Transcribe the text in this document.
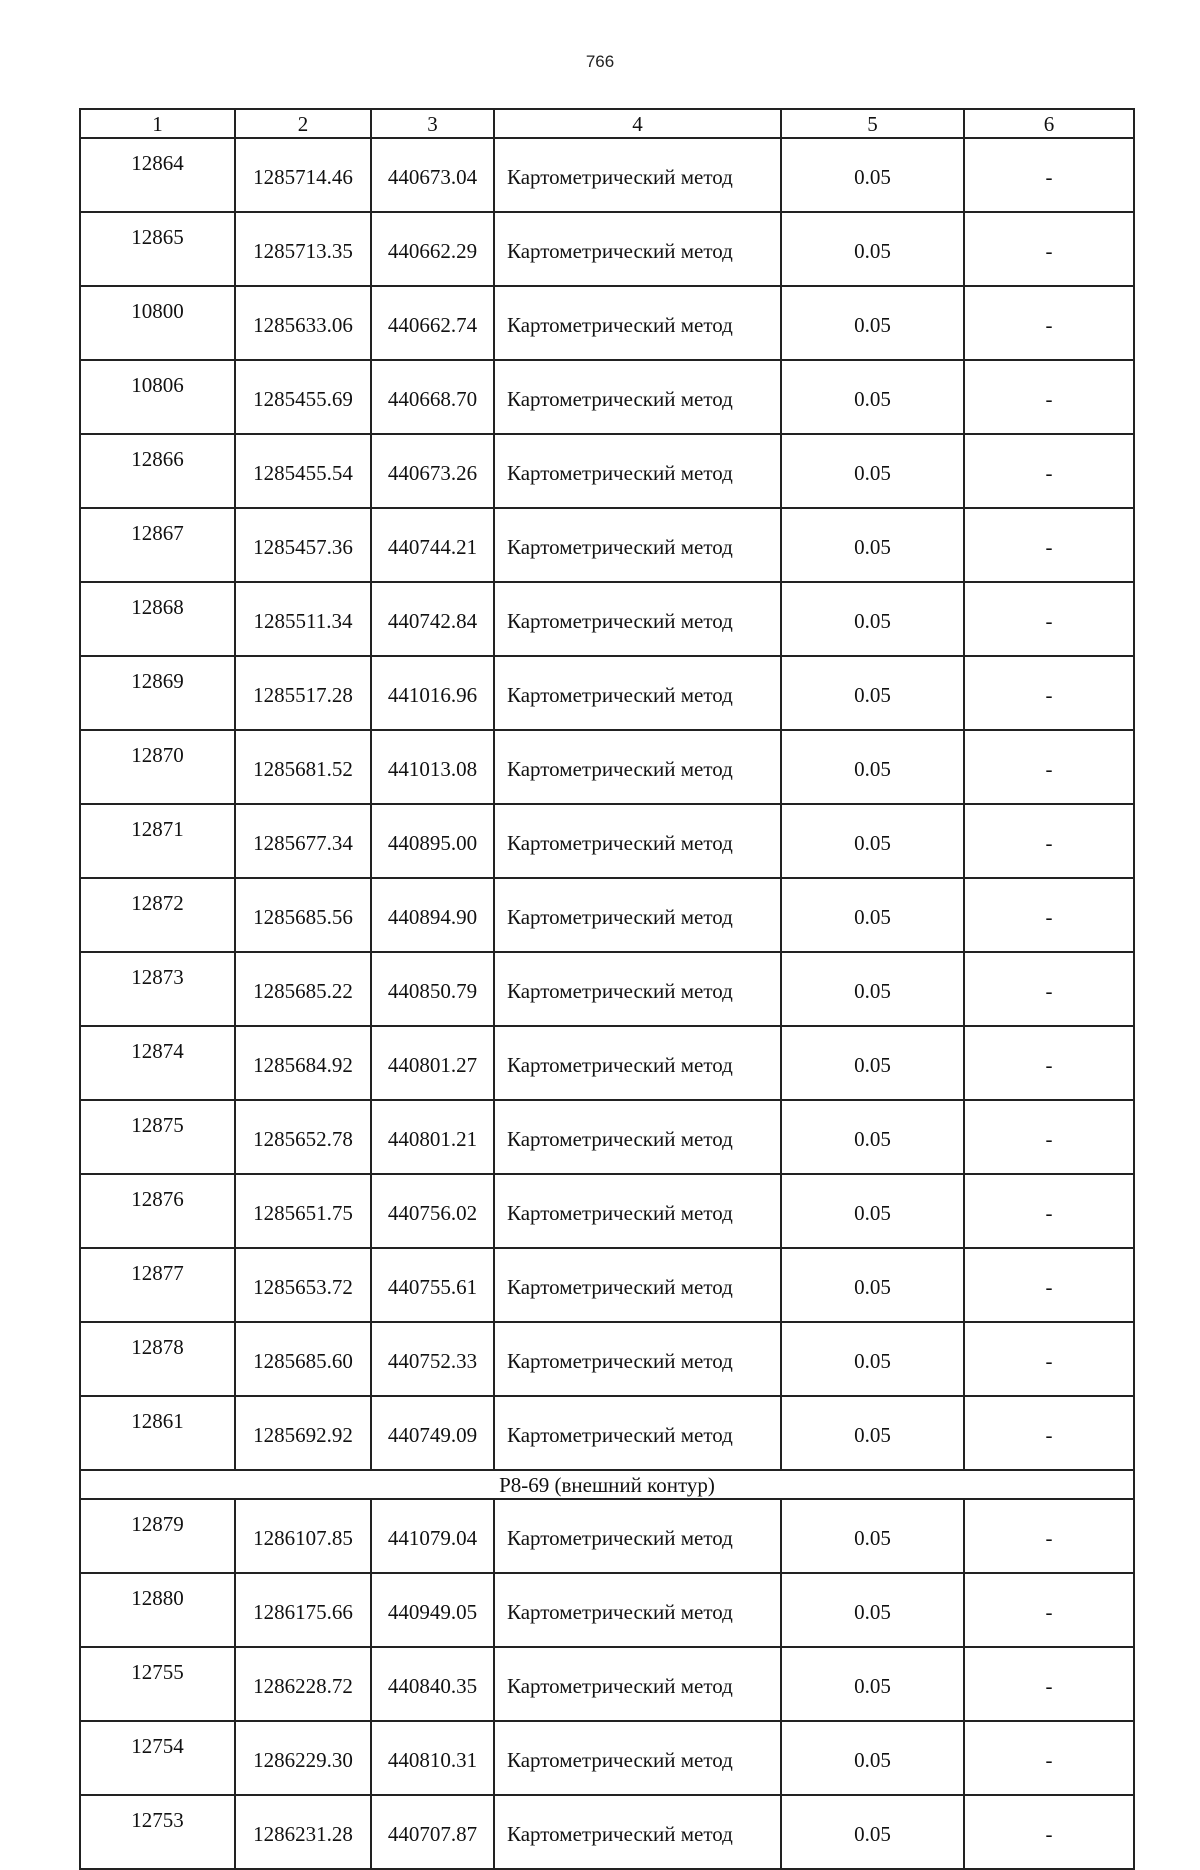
766
1	2	3	4	5	6
12864	1285714.46	440673.04	Картометрический метод	0.05	-
12865	1285713.35	440662.29	Картометрический метод	0.05	-
10800	1285633.06	440662.74	Картометрический метод	0.05	-
10806	1285455.69	440668.70	Картометрический метод	0.05	-
12866	1285455.54	440673.26	Картометрический метод	0.05	-
12867	1285457.36	440744.21	Картометрический метод	0.05	-
12868	1285511.34	440742.84	Картометрический метод	0.05	-
12869	1285517.28	441016.96	Картометрический метод	0.05	-
12870	1285681.52	441013.08	Картометрический метод	0.05	-
12871	1285677.34	440895.00	Картометрический метод	0.05	-
12872	1285685.56	440894.90	Картометрический метод	0.05	-
12873	1285685.22	440850.79	Картометрический метод	0.05	-
12874	1285684.92	440801.27	Картометрический метод	0.05	-
12875	1285652.78	440801.21	Картометрический метод	0.05	-
12876	1285651.75	440756.02	Картометрический метод	0.05	-
12877	1285653.72	440755.61	Картометрический метод	0.05	-
12878	1285685.60	440752.33	Картометрический метод	0.05	-
12861	1285692.92	440749.09	Картометрический метод	0.05	-
Р8-69 (внешний контур)					
12879	1286107.85	441079.04	Картометрический метод	0.05	-
12880	1286175.66	440949.05	Картометрический метод	0.05	-
12755	1286228.72	440840.35	Картометрический метод	0.05	-
12754	1286229.30	440810.31	Картометрический метод	0.05	-
12753	1286231.28	440707.87	Картометрический метод	0.05	-
